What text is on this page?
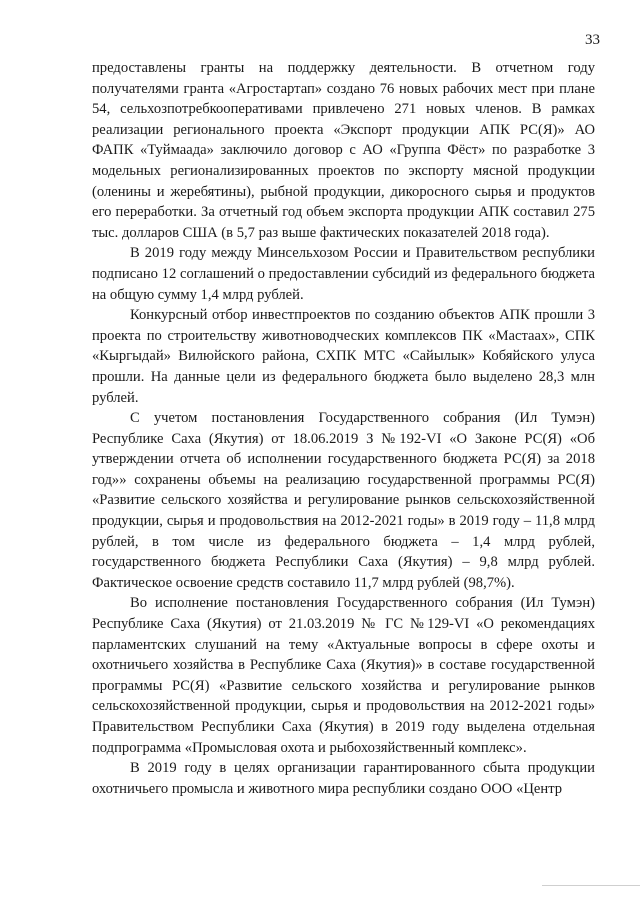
33

предоставлены гранты на поддержку деятельности. В отчетном году получателями гранта «Агростартап» создано 76 новых рабочих мест при плане 54, сельхозпотребкооперативами привлечено 271 новых членов. В рамках реализации регионального проекта «Экспорт продукции АПК РС(Я)» АО ФАПК «Туймаада» заключило договор с АО «Группа Фёст» по разработке 3 модельных регионализированных проектов по экспорту мясной продукции (оленины и жеребятины), рыбной продукции, дикоросного сырья и продуктов его переработки. За отчетный год объем экспорта продукции АПК составил 275 тыс. долларов США (в 5,7 раз выше фактических показателей 2018 года).

В 2019 году между Минсельхозом России и Правительством республики подписано 12 соглашений о предоставлении субсидий из федерального бюджета на общую сумму 1,4 млрд рублей.

Конкурсный отбор инвестпроектов по созданию объектов АПК прошли 3 проекта по строительству животноводческих комплексов ПК «Мастаах», СПК «Кыргыдай» Вилюйского района, СХПК МТС «Сайылык» Кобяйского улуса прошли. На данные цели из федерального бюджета было выделено 28,3 млн рублей.

С учетом постановления Государственного собрания (Ил Тумэн) Республике Саха (Якутия) от 18.06.2019 З №192-VI «О Законе РС(Я) «Об утверждении отчета об исполнении государственного бюджета РС(Я) за 2018 год»» сохранены объемы на реализацию государственной программы РС(Я) «Развитие сельского хозяйства и регулирование рынков сельскохозяйственной продукции, сырья и продовольствия на 2012-2021 годы» в 2019 году – 11,8 млрд рублей, в том числе из федерального бюджета – 1,4 млрд рублей, государственного бюджета Республики Саха (Якутия) – 9,8 млрд рублей. Фактическое освоение средств составило 11,7 млрд рублей (98,7%).

Во исполнение постановления Государственного собрания (Ил Тумэн) Республике Саха (Якутия) от 21.03.2019 № ГС №129-VI «О рекомендациях парламентских слушаний на тему «Актуальные вопросы в сфере охоты и охотничьего хозяйства в Республике Саха (Якутия)» в составе государственной программы РС(Я) «Развитие сельского хозяйства и регулирование рынков сельскохозяйственной продукции, сырья и продовольствия на 2012-2021 годы» Правительством Республики Саха (Якутия) в 2019 году выделена отдельная подпрограмма «Промысловая охота и рыбохозяйственный комплекс».

В 2019 году в целях организации гарантированного сбыта продукции охотничьего промысла и животного мира республики создано ООО «Центр
